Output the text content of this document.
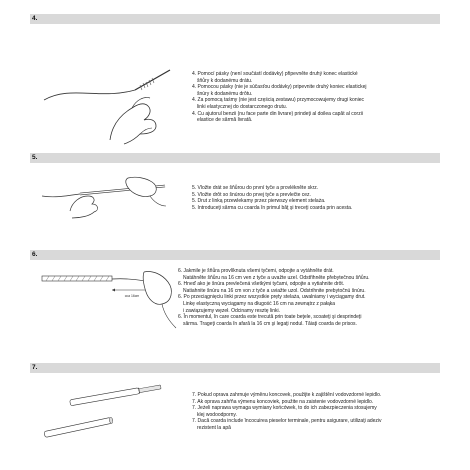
4.

4. Pomocí pásky (není součástí dodávky) připevněte druhý konec elastické

šňůry k dodanému drátu.

4. Pomocou pásky (nie je súčasťou dodávky) pripevnite druhý koniec elastickej

šnúry k dodanému drôtu.

4. Za pomocą taśmy (nie jest częścią zestawu) przymocowujemy drugi koniec

linki elastycznej do dostarczonego drutu.

4. Cu ajutorul benzii (nu face parte din livrare) prindeţi al doilea capăt al corzii

elastice de sârmă livrată.

5.

5. Vložte drát se šňůrou do první tyče a provlékněte skrz.

5. Vložte drôt so šnúrou do prvej tyče a prevlečte cez.

5. Drut z linką przewlekamy przez pierwszy element stelaża.

5. Introduceţi sârma cu coarda în primul băţ şi treceţi coarda prin acesta.

6.
cca 16cm

6. Jakmile je šňůra provlíknuta všemi tyčemi, odpojte a vytáhněte drát.

Natáhněte šňůru na 16 cm ven z tyče a uvažte uzel. Odstřihněte přebytečnou šňůru.

6. Hneď ako je šnúra prevlečená všetkými tyčami, odpojte a vytiahnite drôt.

Natiahnite šnúru na 16 cm von z tyče a uviažte uzol. Odstrihnite prebytočnú šnúru.

6. Po przeciągnięciu linki przez wszystkie pręty stelaża, uwalniamy i wyciągamy drut.

Linkę elastyczną wyciągamy na długość 16 cm na zewnątrz z pałąka

i zawiązujemy węzeł. Odcinamy resztę linki.

6. În momentul, în care coarda este trecută prin toate beţele, scoateţi şi desprindeţi

sârma. Trageţi coarda în afară la 16 cm şi legaţi nodul. Tăiaţi coarda de prisos.

7.

7. Pokud oprava zahrnuje výměnu koncovek, použijte k zajištění vodovzdorné lepidlo.

7. Ak oprava zahŕňa výmenu koncoviek, použite na zaistenie vodovzdorné lepidlo.

7. Jeżeli naprawa wymaga wymiany końcówek, to do ich zabezpieczenia stosujemy

klej wodoodporny.

7. Dacă coarda include încocuirea pieselor terminale, pentru asigurare, utilizaţi adeziv

rezistent la apă
